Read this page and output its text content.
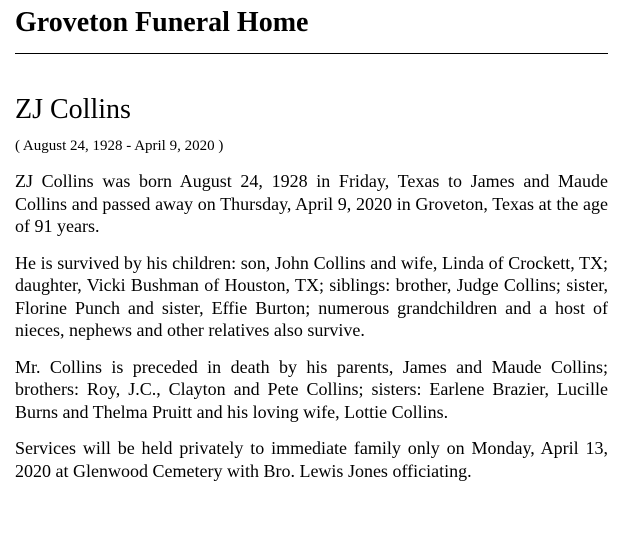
Groveton Funeral Home
ZJ Collins
( August 24, 1928 - April 9, 2020 )

ZJ Collins was born August 24, 1928 in Friday, Texas to James and Maude Collins and passed away on Thursday, April 9, 2020 in Groveton, Texas at the age of 91 years.

He is survived by his children: son, John Collins and wife, Linda of Crockett, TX; daughter, Vicki Bushman of Houston, TX; siblings: brother, Judge Collins; sister, Florine Punch and sister, Effie Burton; numerous grandchildren and a host of nieces, nephews and other relatives also survive.

Mr. Collins is preceded in death by his parents, James and Maude Collins; brothers: Roy, J.C., Clayton and Pete Collins; sisters: Earlene Brazier, Lucille Burns and Thelma Pruitt and his loving wife, Lottie Collins.

Services will be held privately to immediate family only on Monday, April 13, 2020 at Glenwood Cemetery with Bro. Lewis Jones officiating.
